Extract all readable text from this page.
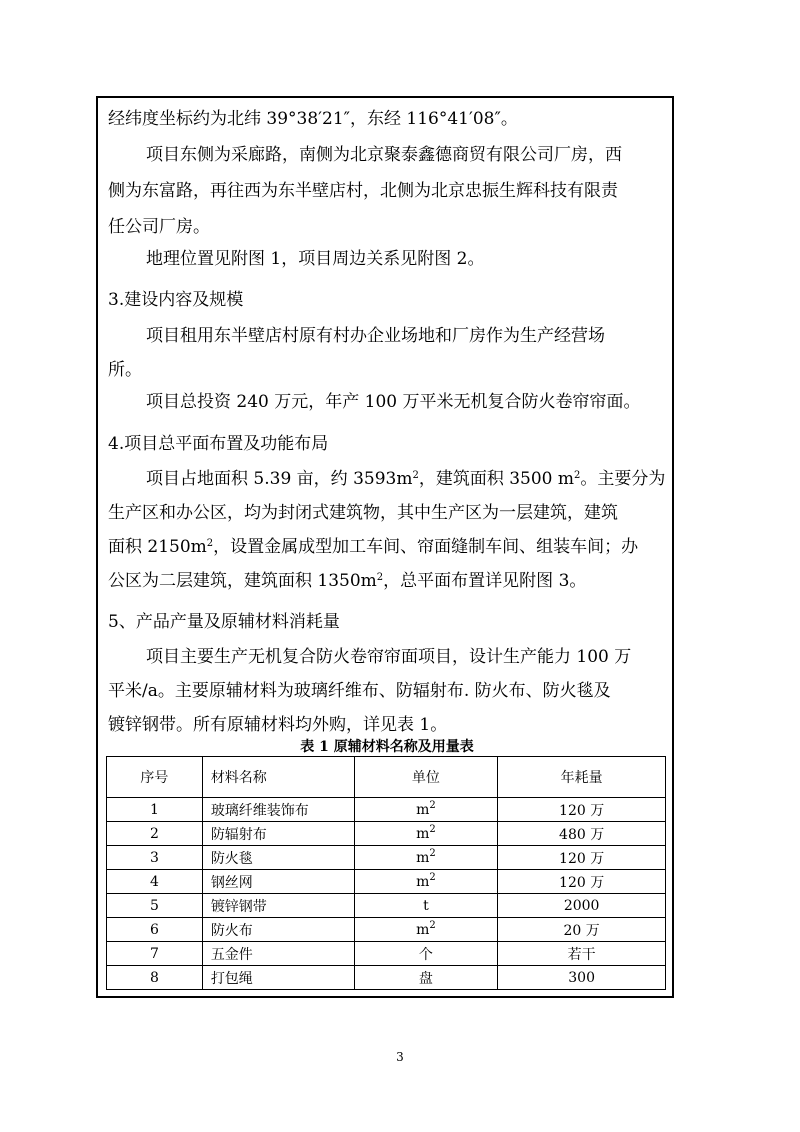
经纬度坐标约为北纬 39°38′21″，东经 116°41′08″。
项目东侧为采廊路，南侧为北京聚泰鑫德商贸有限公司厂房，西
侧为东富路，再往西为东半壁店村，北侧为北京忠振生辉科技有限责
任公司厂房。
地理位置见附图 1，项目周边关系见附图 2。
3.建设内容及规模
项目租用东半壁店村原有村办企业场地和厂房作为生产经营场
所。
项目总投资 240 万元，年产 100 万平米无机复合防火卷帘帘面。
4.项目总平面布置及功能布局
项目占地面积 5.39 亩，约 $3593m^2$，建筑面积 3500 $m^2$。主要分为
生产区和办公区，均为封闭式建筑物，其中生产区为一层建筑，建筑
面积 $2150m^2$，设置金属成型加工车间、帘面缝制车间、组装车间；办
公区为二层建筑，建筑面积 $1350m^2$，总平面布置详见附图 3。
5、产品产量及原辅材料消耗量
项目主要生产无机复合防火卷帘帘面项目，设计生产能力 100 万
平米/a。主要原辅材料为玻璃纤维布、防辐射布. 防火布、防火毯及
镀锌钢带。所有原辅材料均外购，详见表 1。
表 1 原辅材料名称及用量表
序号	材料名称	单位	年耗量
1	玻璃纤维装饰布	$m^2$	120 万
2	防辐射布	$m^2$	480 万
3	防火毯	$m^2$	120 万
4	钢丝网	$m^2$	120 万
5	镀锌钢带	t	2000
6	防火布	$m^2$	20 万
7	五金件	个	若干
8	打包绳	盘	300
3
